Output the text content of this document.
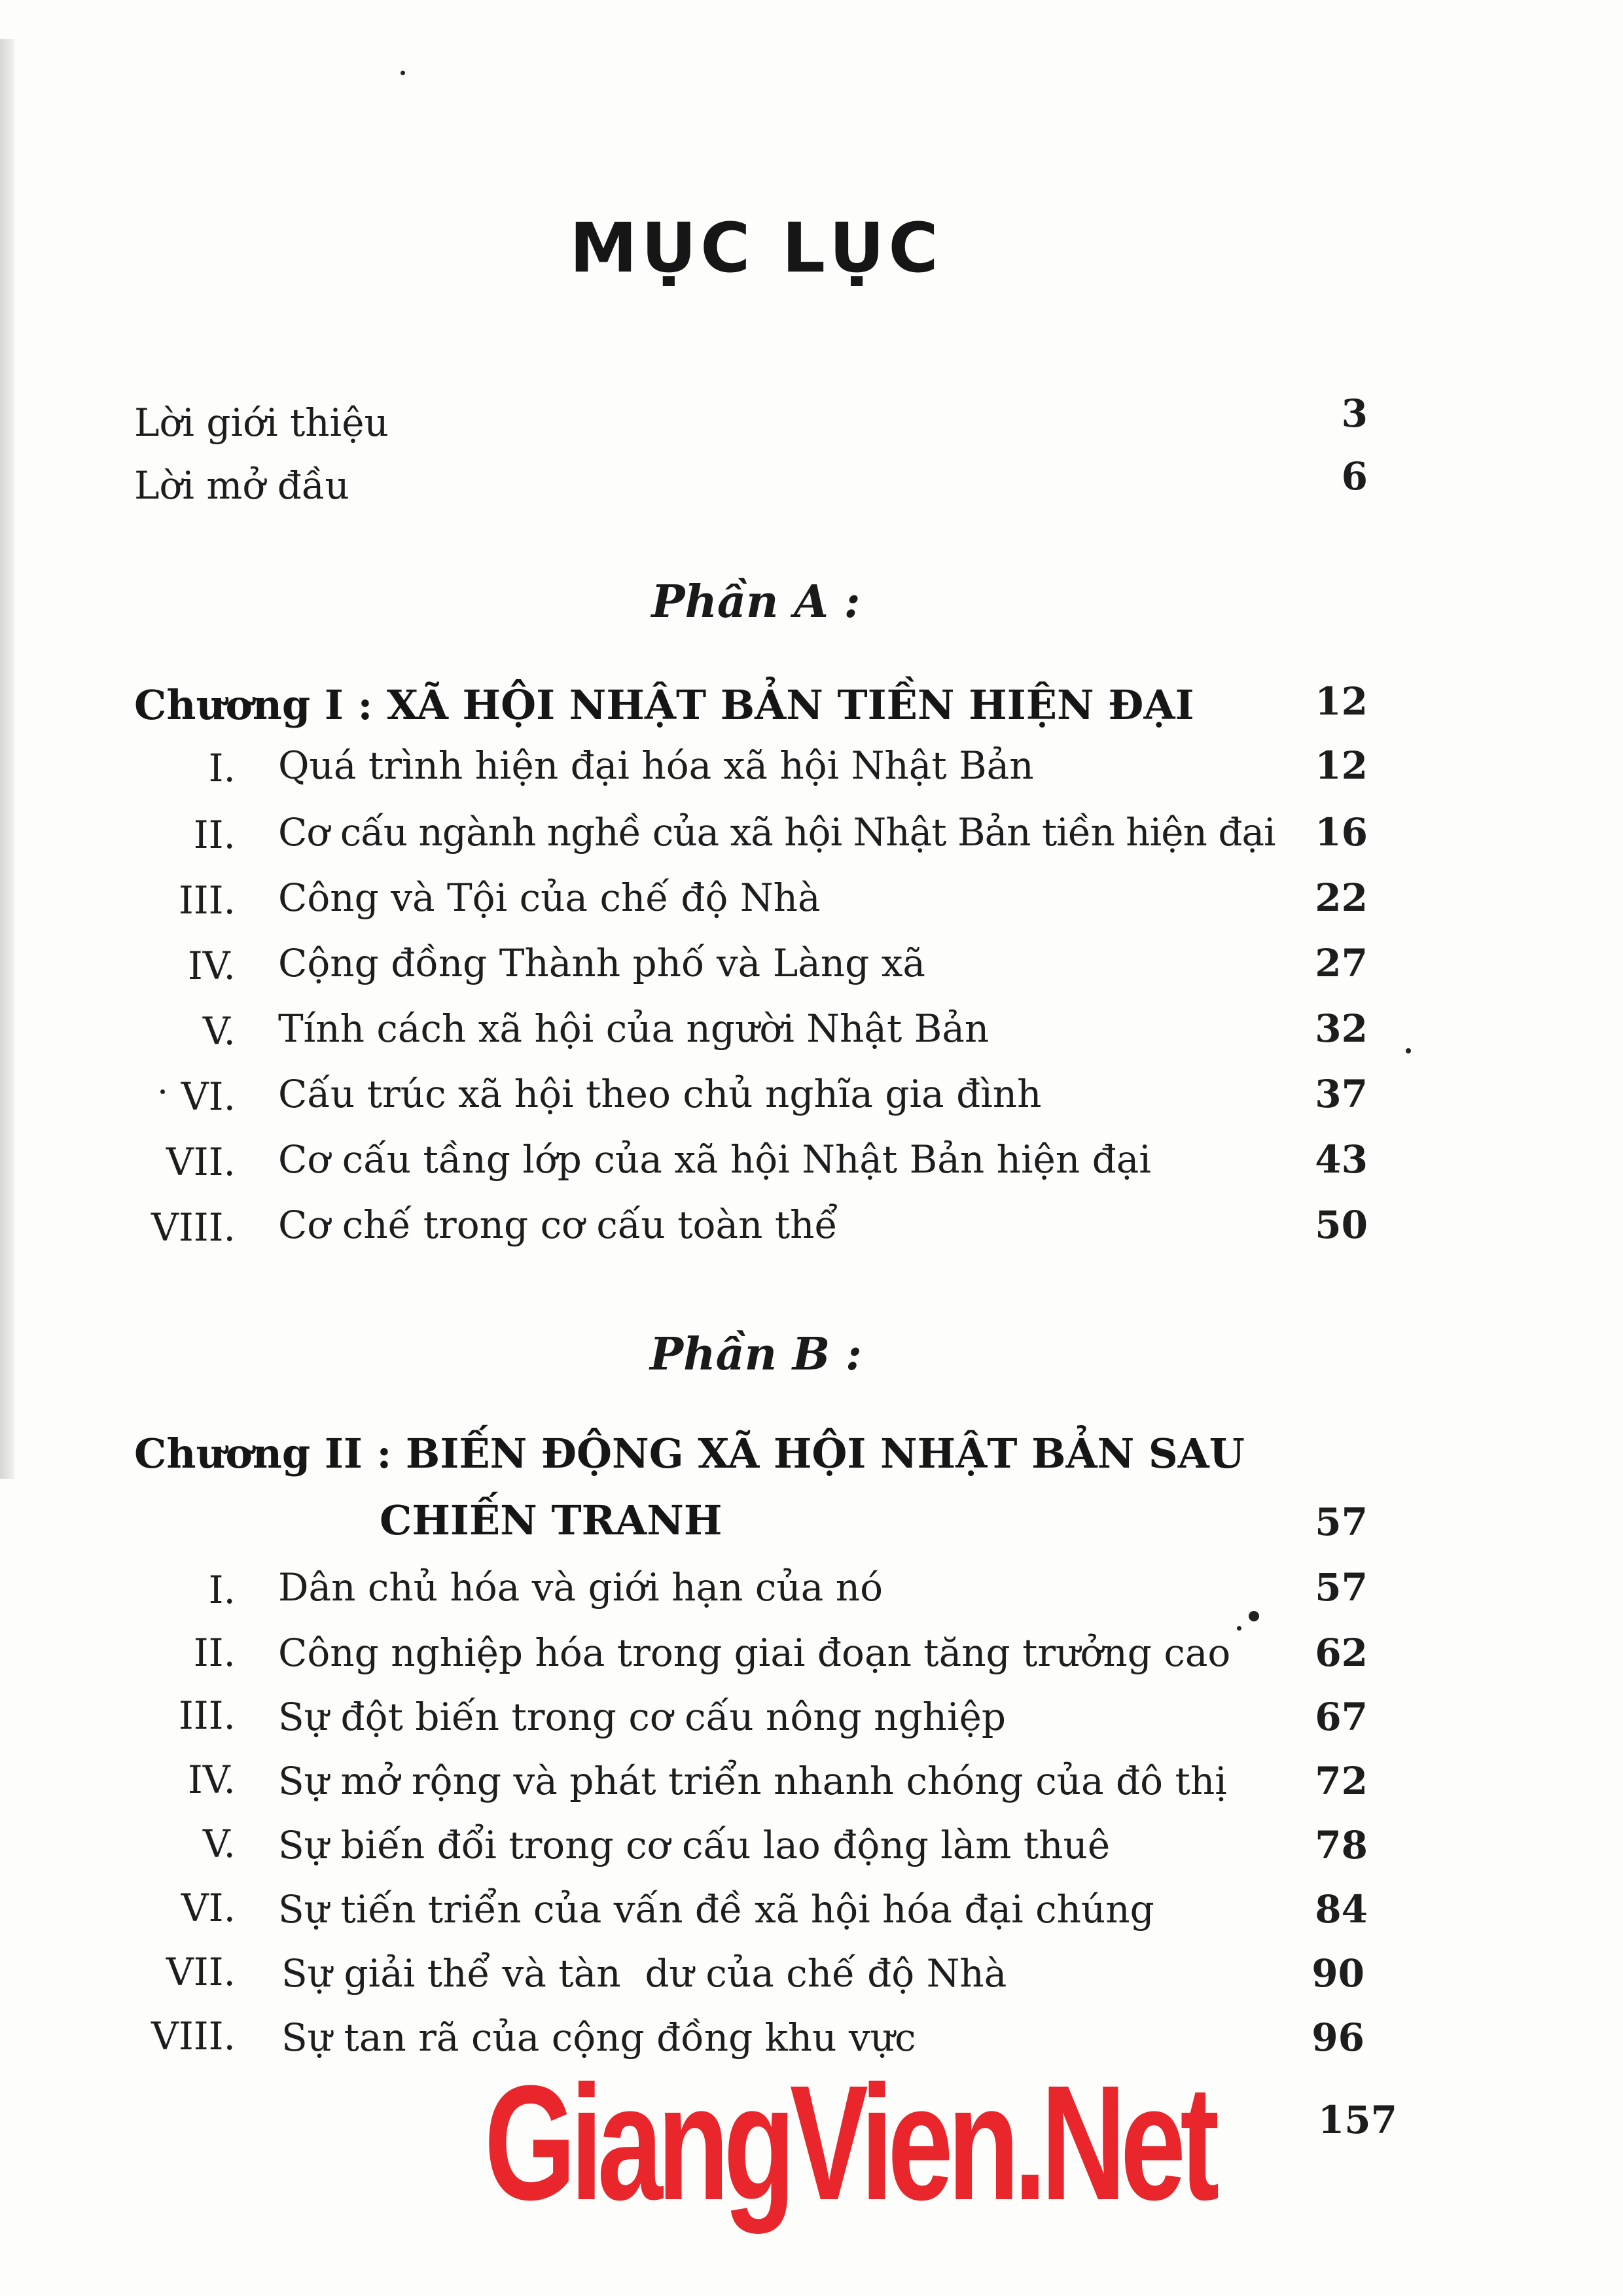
MỤC LỤC
Lời giới thiệu	3
Lời mở đầu	6
Phần A :
Chương I : XÃ HỘI NHẬT BẢN TIỀN HIỆN ĐẠI	12
I. Quá trình hiện đại hóa xã hội Nhật Bản	12
II. Cơ cấu ngành nghề của xã hội Nhật Bản tiền hiện đại	16
III. Công và Tội của chế độ Nhà	22
IV. Cộng đồng Thành phố và Làng xã	27
V. Tính cách xã hội của người Nhật Bản	32
VI. Cấu trúc xã hội theo chủ nghĩa gia đình	37
VII. Cơ cấu tầng lớp của xã hội Nhật Bản hiện đại	43
VIII. Cơ chế trong cơ cấu toàn thể	50
Phần B :
Chương II : BIẾN ĐỘNG XÃ HỘI NHẬT BẢN SAU
CHIẾN TRANH	57
I. Dân chủ hóa và giới hạn của nó	57
II. Công nghiệp hóa trong giai đoạn tăng trưởng cao	62
III. Sự đột biến trong cơ cấu nông nghiệp	67
IV. Sự mở rộng và phát triển nhanh chóng của đô thị	72
V. Sự biến đổi trong cơ cấu lao động làm thuê	78
VI. Sự tiến triển của vấn đề xã hội hóa đại chúng	84
VII. Sự giải thể và tàn  dư của chế độ Nhà	90
VIII. Sự tan rã của cộng đồng khu vực	96
157
GiangVien.Net
